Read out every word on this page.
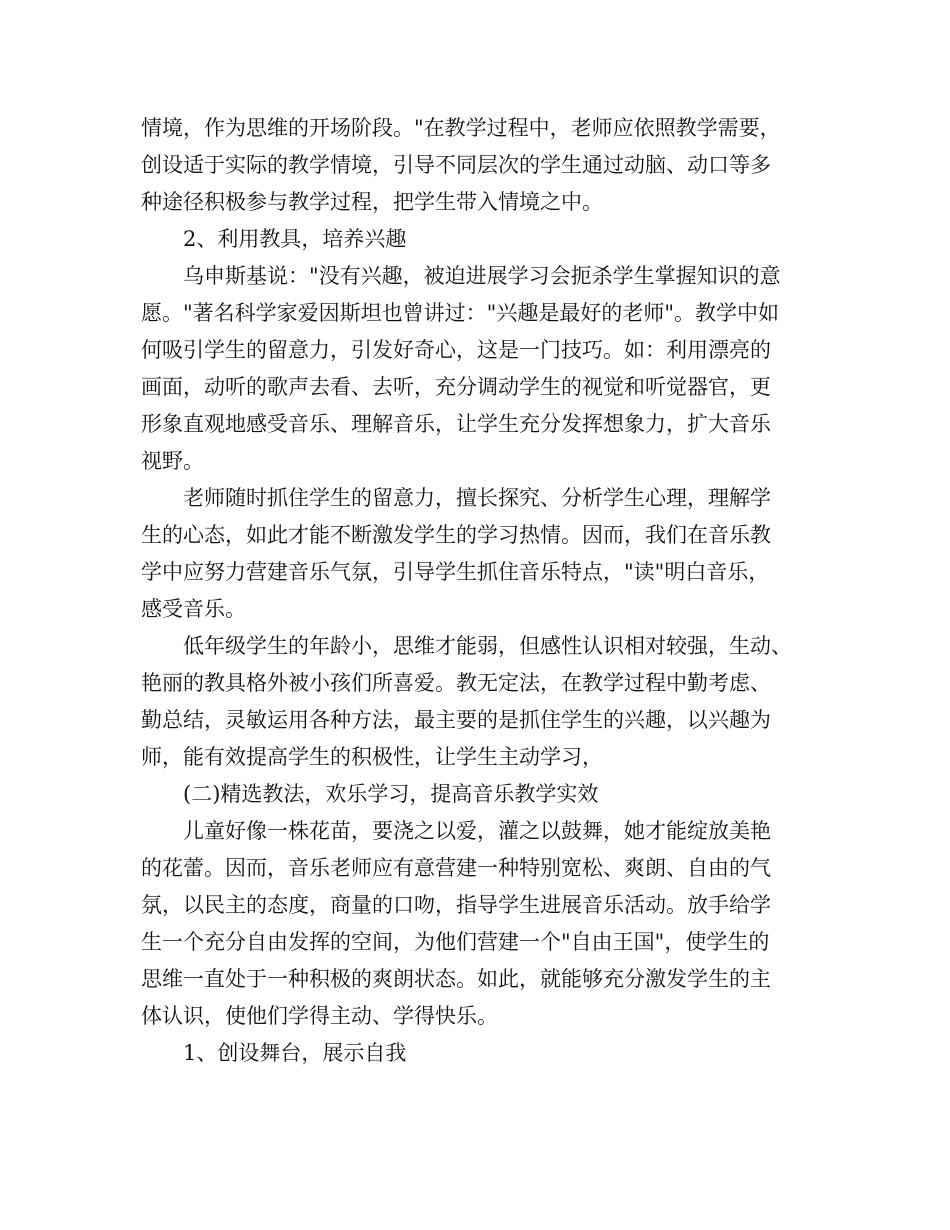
情境，作为思维的开场阶段。"在教学过程中，老师应依照教学需要，
创设适于实际的教学情境，引导不同层次的学生通过动脑、动口等多
种途径积极参与教学过程，把学生带入情境之中。

2、利用教具，培养兴趣

乌申斯基说："没有兴趣，被迫进展学习会扼杀学生掌握知识的意
愿。"著名科学家爱因斯坦也曾讲过："兴趣是最好的老师"。教学中如
何吸引学生的留意力，引发好奇心，这是一门技巧。如：利用漂亮的
画面，动听的歌声去看、去听，充分调动学生的视觉和听觉器官，更
形象直观地感受音乐、理解音乐，让学生充分发挥想象力，扩大音乐
视野。

老师随时抓住学生的留意力，擅长探究、分析学生心理，理解学
生的心态，如此才能不断激发学生的学习热情。因而，我们在音乐教
学中应努力营建音乐气氛，引导学生抓住音乐特点，"读"明白音乐，
感受音乐。

低年级学生的年龄小，思维才能弱，但感性认识相对较强，生动、
艳丽的教具格外被小孩们所喜爱。教无定法，在教学过程中勤考虑、
勤总结，灵敏运用各种方法，最主要的是抓住学生的兴趣，以兴趣为
师，能有效提高学生的积极性，让学生主动学习，

(二)精选教法，欢乐学习，提高音乐教学实效

儿童好像一株花苗，要浇之以爱，灌之以鼓舞，她才能绽放美艳
的花蕾。因而，音乐老师应有意营建一种特别宽松、爽朗、自由的气
氛，以民主的态度，商量的口吻，指导学生进展音乐活动。放手给学
生一个充分自由发挥的空间，为他们营建一个"自由王国"，使学生的
思维一直处于一种积极的爽朗状态。如此，就能够充分激发学生的主
体认识，使他们学得主动、学得快乐。

1、创设舞台，展示自我
